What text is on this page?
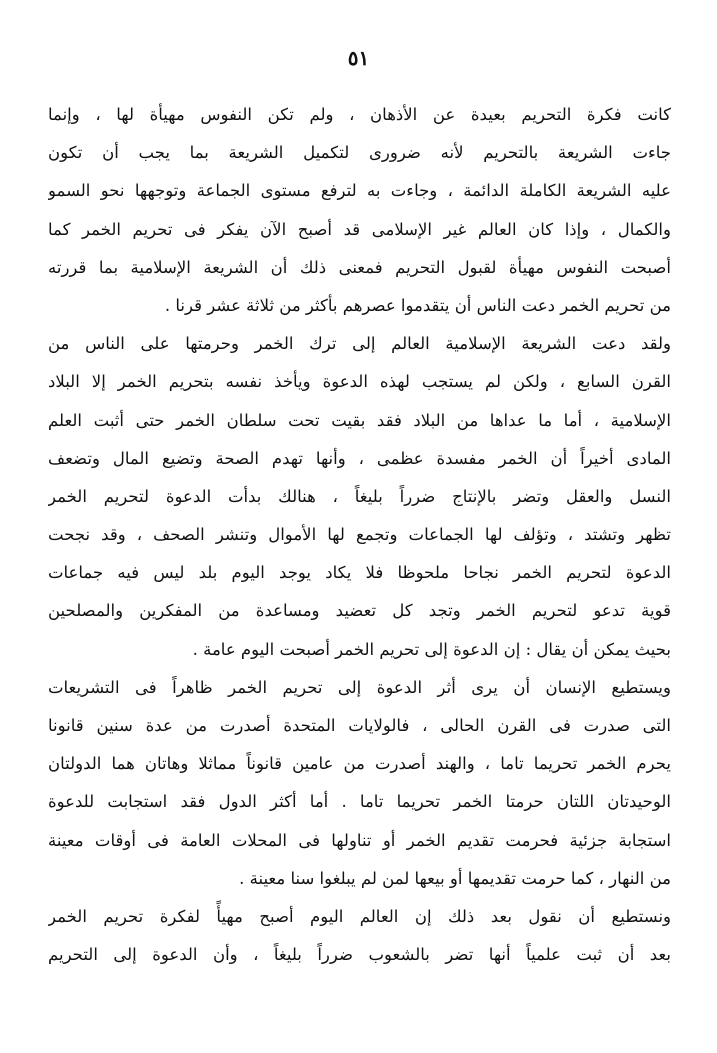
٥١
كانت فكرة التحريم بعيدة عن الأذهان ، ولم تكن النفوس مهيأة لها ، وإنما
جاءت الشريعة بالتحريم لأنه ضرورى لتكميل الشريعة بما يجب أن تكون
عليه الشريعة الكاملة الدائمة ، وجاءت به لترفع مستوى الجماعة وتوجهها نحو السمو
والكمال ، وإذا كان العالم غير الإسلامى قد أصبح الآن يفكر فى تحريم الخمر كما
أصبحت النفوس مهيأة لقبول التحريم فمعنى ذلك أن الشريعة الإسلامية بما قررته
من تحريم الخمر دعت الناس أن يتقدموا عصرهم بأكثر من ثلاثة عشر قرنا .
ولقد دعت الشريعة الإسلامية العالم إلى ترك الخمر وحرمتها على الناس من
القرن السابع ، ولكن لم يستجب لهذه الدعوة ويأخذ نفسه بتحريم الخمر إلا البلاد
الإسلامية ، أما ما عداها من البلاد فقد بقيت تحت سلطان الخمر حتى أثبت العلم
المادى أخيراً أن الخمر مفسدة عظمى ، وأنها تهدم الصحة وتضيع المال وتضعف
النسل والعقل وتضر بالإنتاج ضرراً بليغاً ، هنالك بدأت الدعوة لتحريم الخمر
تظهر وتشتد ، وتؤلف لها الجماعات وتجمع لها الأموال وتنشر الصحف ، وقد نجحت
الدعوة لتحريم الخمر نجاحا ملحوظا فلا يكاد يوجد اليوم بلد ليس فيه جماعات
قوية تدعو لتحريم الخمر وتجد كل تعضيد ومساعدة من المفكرين والمصلحين
بحيث يمكن أن يقال : إن الدعوة إلى تحريم الخمر أصبحت اليوم عامة .
ويستطيع الإنسان أن يرى أثر الدعوة إلى تحريم الخمر ظاهراً فى التشريعات
التى صدرت فى القرن الحالى ، فالولايات المتحدة أصدرت من عدة سنين قانونا
يحرم الخمر تحريما تاما ، والهند أصدرت من عامين قانوناً مماثلا وهاتان هما الدولتان
الوحيدتان اللتان حرمتا الخمر تحريما تاما . أما أكثر الدول فقد استجابت للدعوة
استجابة جزئية فحرمت تقديم الخمر أو تناولها فى المحلات العامة فى أوقات معينة
من النهار ، كما حرمت تقديمها أو بيعها لمن لم يبلغوا سنا معينة .
ونستطيع أن نقول بعد ذلك إن العالم اليوم أصبح مهيأً لفكرة تحريم الخمر
بعد أن ثبت علمياً أنها تضر بالشعوب ضرراً بليغاً ، وأن الدعوة إلى التحريم
